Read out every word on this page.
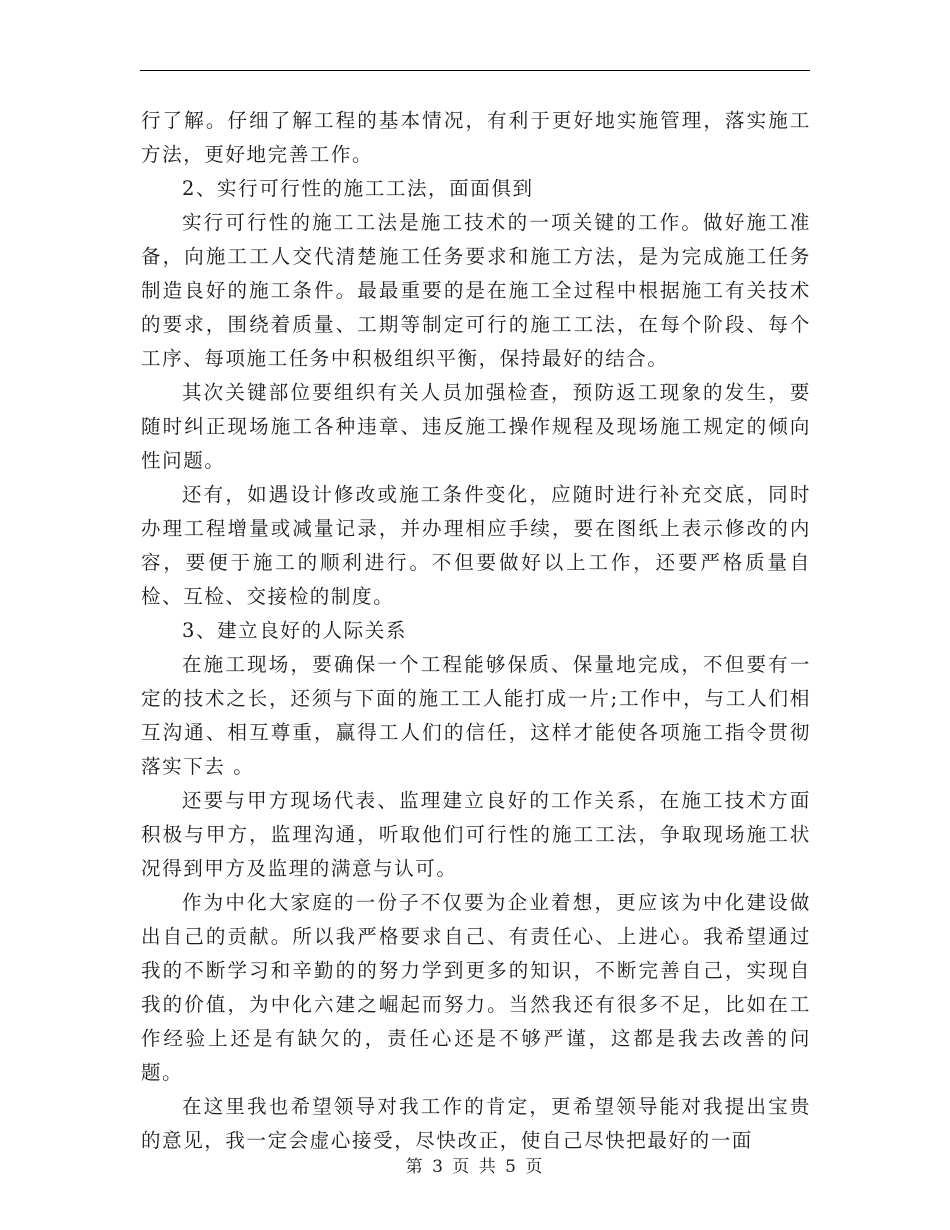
行了解。仔细了解工程的基本情况，有利于更好地实施管理，落实施工方法，更好地完善工作。

2、实行可行性的施工工法，面面俱到

实行可行性的施工工法是施工技术的一项关键的工作。做好施工准备，向施工工人交代清楚施工任务要求和施工方法，是为完成施工任务制造良好的施工条件。最最重要的是在施工全过程中根据施工有关技术的要求，围绕着质量、工期等制定可行的施工工法，在每个阶段、每个工序、每项施工任务中积极组织平衡，保持最好的结合。

其次关键部位要组织有关人员加强检查，预防返工现象的发生，要随时纠正现场施工各种违章、违反施工操作规程及现场施工规定的倾向性问题。

还有，如遇设计修改或施工条件变化，应随时进行补充交底，同时办理工程增量或减量记录，并办理相应手续，要在图纸上表示修改的内容，要便于施工的顺利进行。不但要做好以上工作，还要严格质量自检、互检、交接检的制度。

3、建立良好的人际关系

在施工现场，要确保一个工程能够保质、保量地完成，不但要有一定的技术之长，还须与下面的施工工人能打成一片;工作中，与工人们相互沟通、相互尊重，赢得工人们的信任，这样才能使各项施工指令贯彻落实下去 。

还要与甲方现场代表、监理建立良好的工作关系，在施工技术方面积极与甲方，监理沟通，听取他们可行性的施工工法，争取现场施工状况得到甲方及监理的满意与认可。

作为中化大家庭的一份子不仅要为企业着想，更应该为中化建设做出自己的贡献。所以我严格要求自己、有责任心、上进心。我希望通过我的不断学习和辛勤的的努力学到更多的知识，不断完善自己，实现自我的价值，为中化六建之崛起而努力。当然我还有很多不足，比如在工作经验上还是有缺欠的，责任心还是不够严谨，这都是我去改善的问题。

在这里我也希望领导对我工作的肯定，更希望领导能对我提出宝贵的意见，我一定会虚心接受，尽快改正，使自己尽快把最好的一面

第 3 页 共 5 页
